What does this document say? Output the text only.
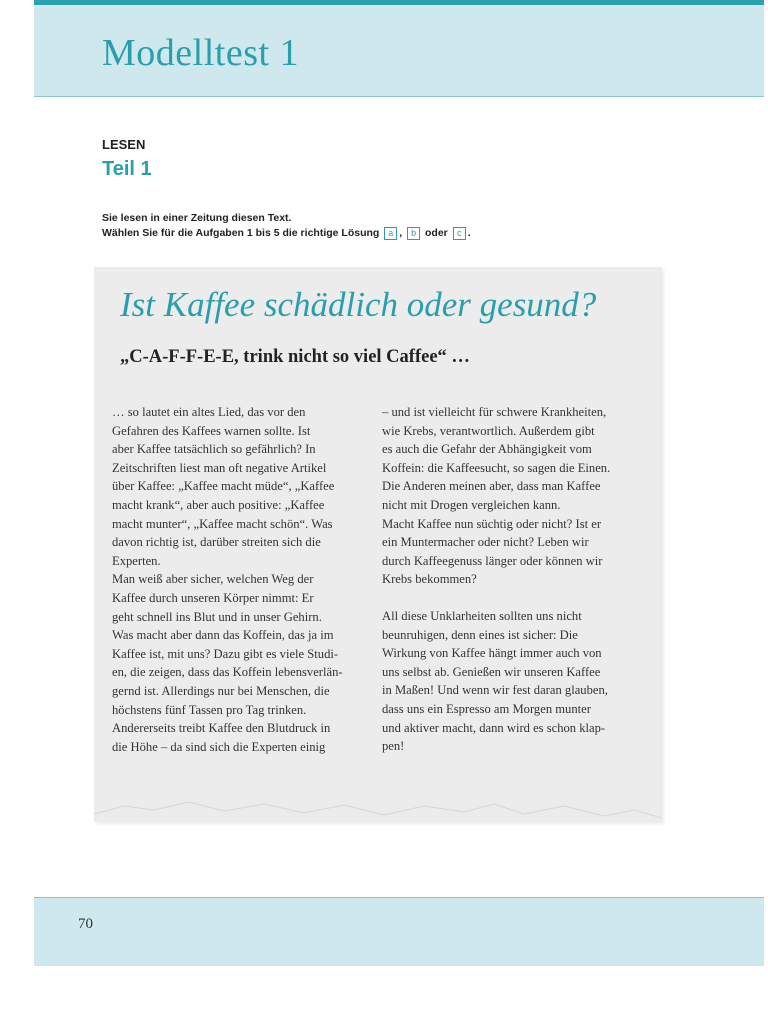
Modelltest 1
LESEN
Teil 1
Sie lesen in einer Zeitung diesen Text.
Wählen Sie für die Aufgaben 1 bis 5 die richtige Lösung a , b oder c .
Ist Kaffee schädlich oder gesund?
„C-A-F-F-E-E, trink nicht so viel Caffee“ …

… so lautet ein altes Lied, das vor den
Gefahren des Kaffees warnen sollte. Ist
aber Kaffee tatsächlich so gefährlich? In
Zeitschriften liest man oft negative Artikel
über Kaffee: „Kaffee macht müde“, „Kaffee
macht krank“, aber auch positive: „Kaffee
macht munter“, „Kaffee macht schön“. Was
davon richtig ist, darüber streiten sich die
Experten.
Man weiß aber sicher, welchen Weg der
Kaffee durch unseren Körper nimmt: Er
geht schnell ins Blut und in unser Gehirn.
Was macht aber dann das Koffein, das ja im
Kaffee ist, mit uns? Dazu gibt es viele Studi-
en, die zeigen, dass das Koffein lebensverlän-
gernd ist. Allerdings nur bei Menschen, die
höchstens fünf Tassen pro Tag trinken.
Andererseits treibt Kaffee den Blutdruck in
die Höhe – da sind sich die Experten einig

– und ist vielleicht für schwere Krankheiten,
wie Krebs, verantwortlich. Außerdem gibt
es auch die Gefahr der Abhängigkeit vom
Koffein: die Kaffeesucht, so sagen die Einen.
Die Anderen meinen aber, dass man Kaffee
nicht mit Drogen vergleichen kann.
Macht Kaffee nun süchtig oder nicht? Ist er
ein Muntermacher oder nicht? Leben wir
durch Kaffeegenuss länger oder können wir
Krebs bekommen?

All diese Unklarheiten sollten uns nicht
beunruhigen, denn eines ist sicher: Die
Wirkung von Kaffee hängt immer auch von
uns selbst ab. Genießen wir unseren Kaffee
in Maßen! Und wenn wir fest daran glauben,
dass uns ein Espresso am Morgen munter
und aktiver macht, dann wird es schon klap-
pen!

70
